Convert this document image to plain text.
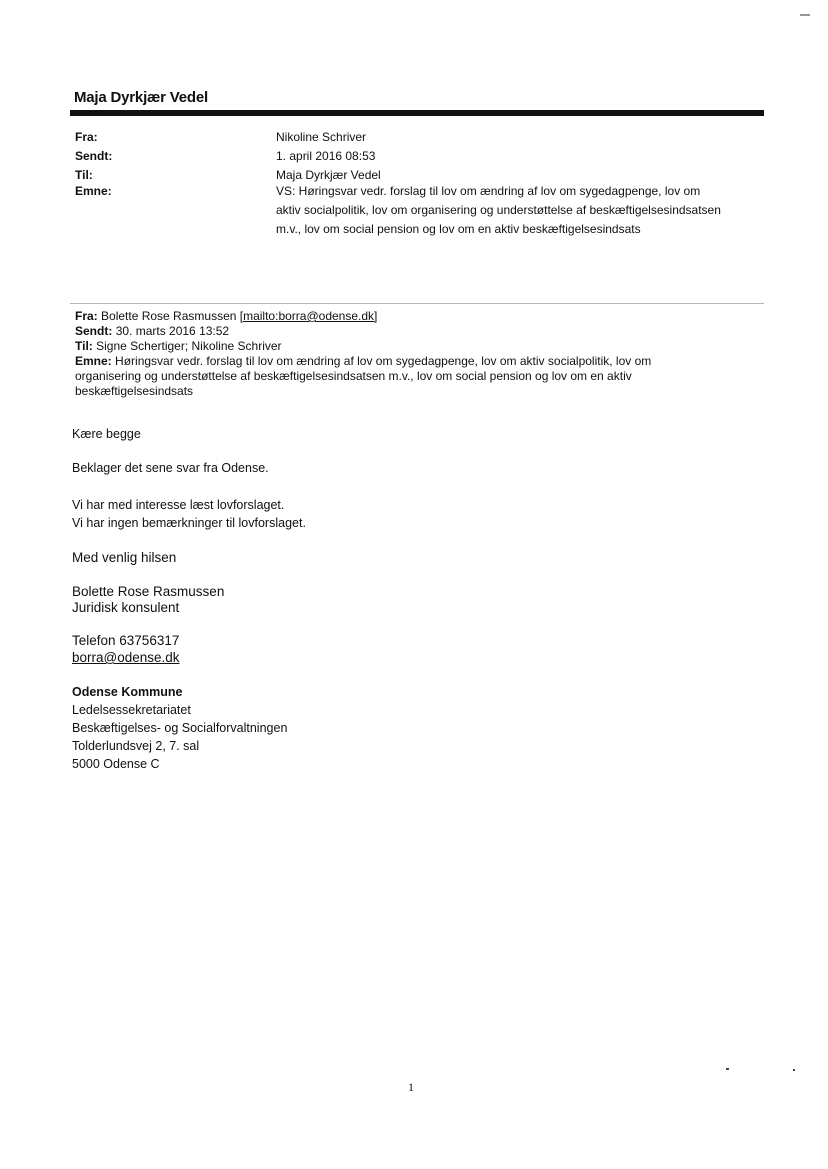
Maja Dyrkjær Vedel
Fra:	Nikoline Schriver
Sendt:	1. april 2016 08:53
Til:	Maja Dyrkjær Vedel
Emne:	VS: Høringsvar vedr. forslag til lov om ændring af lov om sygedagpenge, lov om
aktiv socialpolitik, lov om organisering og understøttelse af beskæftigelsesindsatsen
m.v., lov om social pension og lov om en aktiv beskæftigelsesindsats
Fra: Bolette Rose Rasmussen [mailto:borra@odense.dk]
Sendt: 30. marts 2016 13:52
Til: Signe Schertiger; Nikoline Schriver
Emne: Høringsvar vedr. forslag til lov om ændring af lov om sygedagpenge, lov om aktiv socialpolitik, lov om
organisering og understøttelse af beskæftigelsesindsatsen m.v., lov om social pension og lov om en aktiv
beskæftigelsesindsats
Kære begge
Beklager det sene svar fra Odense.
Vi har med interesse læst lovforslaget.
Vi har ingen bemærkninger til lovforslaget.
Med venlig hilsen
Bolette Rose Rasmussen
Juridisk konsulent
Telefon 63756317
borra@odense.dk
Odense Kommune
Ledelsessekretariatet
Beskæftigelses- og Socialforvaltningen
Tolderlundsvej 2, 7. sal
5000 Odense C
1
